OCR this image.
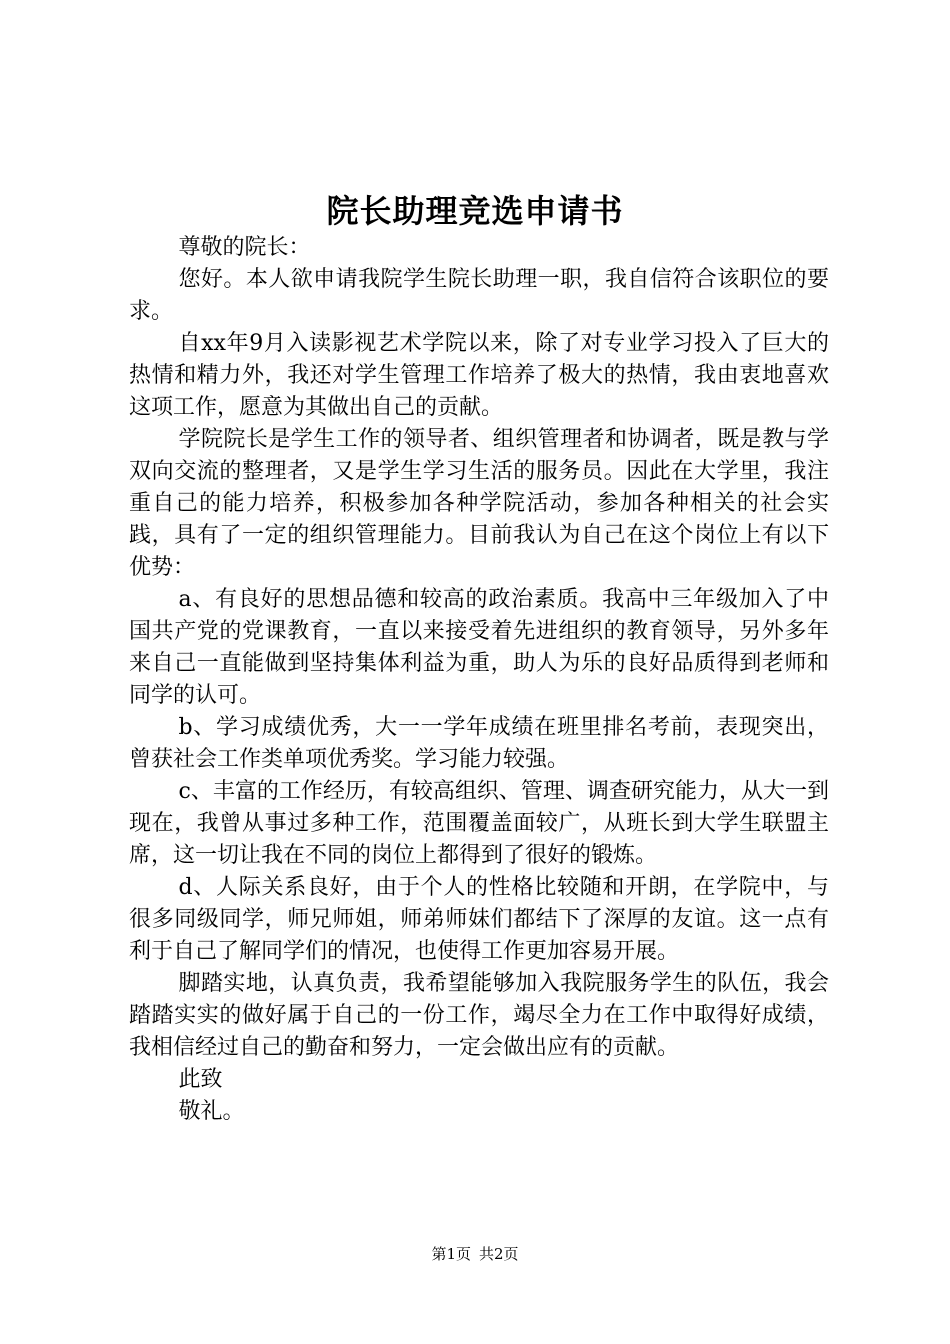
院长助理竞选申请书

尊敬的院长：

您好。本人欲申请我院学生院长助理一职，我自信符合该职位的要求。

自xx年9月入读影视艺术学院以来，除了对专业学习投入了巨大的热情和精力外，我还对学生管理工作培养了极大的热情，我由衷地喜欢这项工作，愿意为其做出自己的贡献。

学院院长是学生工作的领导者、组织管理者和协调者，既是教与学双向交流的整理者，又是学生学习生活的服务员。因此在大学里，我注重自己的能力培养，积极参加各种学院活动，参加各种相关的社会实践，具有了一定的组织管理能力。目前我认为自己在这个岗位上有以下优势：

a、有良好的思想品德和较高的政治素质。我高中三年级加入了中国共产党的党课教育，一直以来接受着先进组织的教育领导，另外多年来自己一直能做到坚持集体利益为重，助人为乐的良好品质得到老师和同学的认可。

b、学习成绩优秀，大一一学年成绩在班里排名考前，表现突出，曾获社会工作类单项优秀奖。学习能力较强。

c、丰富的工作经历，有较高组织、管理、调查研究能力，从大一到现在，我曾从事过多种工作，范围覆盖面较广，从班长到大学生联盟主席，这一切让我在不同的岗位上都得到了很好的锻炼。

d、人际关系良好，由于个人的性格比较随和开朗，在学院中，与很多同级同学，师兄师姐，师弟师妹们都结下了深厚的友谊。这一点有利于自己了解同学们的情况，也使得工作更加容易开展。

脚踏实地，认真负责，我希望能够加入我院服务学生的队伍，我会踏踏实实的做好属于自己的一份工作，竭尽全力在工作中取得好成绩，我相信经过自己的勤奋和努力，一定会做出应有的贡献。

此致

敬礼。

第1页 共2页
